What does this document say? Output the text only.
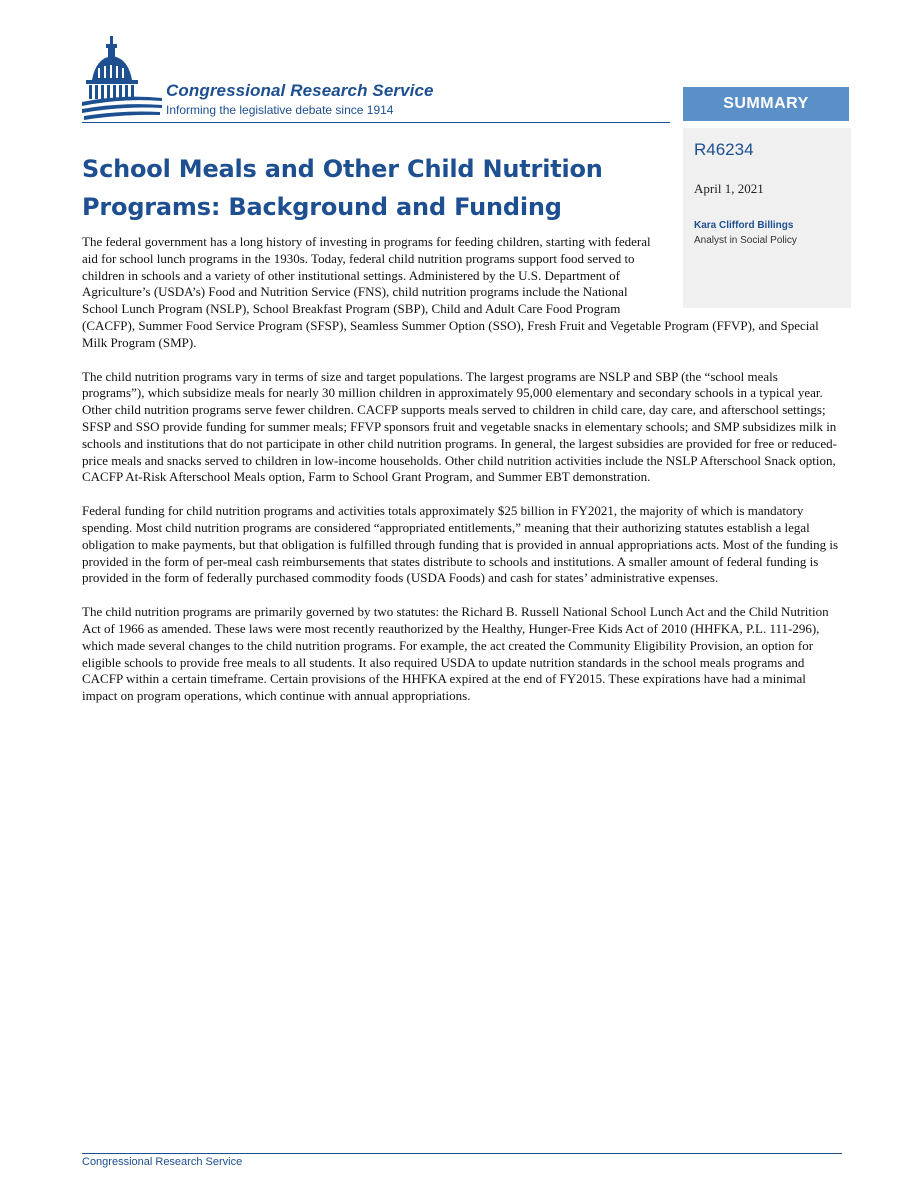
Congressional Research Service
Informing the legislative debate since 1914	SUMMARY
R46234
April 1, 2021
Kara Clifford Billings
Analyst in Social Policy
School Meals and Other Child Nutrition Programs: Background and Funding

The federal government has a long history of investing in programs for feeding children, starting with federal aid for school lunch programs in the 1930s. Today, federal child nutrition programs support food served to children in schools and a variety of other institutional settings. Administered by the U.S. Department of Agriculture’s (USDA’s) Food and Nutrition Service (FNS), child nutrition programs include the National School Lunch Program (NSLP), School Breakfast Program (SBP), Child and Adult Care Food Program (CACFP), Summer Food Service Program (SFSP), Seamless Summer Option (SSO), Fresh Fruit and Vegetable Program (FFVP), and Special Milk Program (SMP).

The child nutrition programs vary in terms of size and target populations. The largest programs are NSLP and SBP (the “school meals programs”), which subsidize meals for nearly 30 million children in approximately 95,000 elementary and secondary schools in a typical year. Other child nutrition programs serve fewer children. CACFP supports meals served to children in child care, day care, and afterschool settings; SFSP and SSO provide funding for summer meals; FFVP sponsors fruit and vegetable snacks in elementary schools; and SMP subsidizes milk in schools and institutions that do not participate in other child nutrition programs. In general, the largest subsidies are provided for free or reduced-price meals and snacks served to children in low-income households. Other child nutrition activities include the NSLP Afterschool Snack option, CACFP At-Risk Afterschool Meals option, Farm to School Grant Program, and Summer EBT demonstration.

Federal funding for child nutrition programs and activities totals approximately $25 billion in FY2021, the majority of which is mandatory spending. Most child nutrition programs are considered “appropriated entitlements,” meaning that their authorizing statutes establish a legal obligation to make payments, but that obligation is fulfilled through funding that is provided in annual appropriations acts. Most of the funding is provided in the form of per-meal cash reimbursements that states distribute to schools and institutions. A smaller amount of federal funding is provided in the form of federally purchased commodity foods (USDA Foods) and cash for states’ administrative expenses.

The child nutrition programs are primarily governed by two statutes: the Richard B. Russell National School Lunch Act and the Child Nutrition Act of 1966 as amended. These laws were most recently reauthorized by the Healthy, Hunger-Free Kids Act of 2010 (HHFKA, P.L. 111-296), which made several changes to the child nutrition programs. For example, the act created the Community Eligibility Provision, an option for eligible schools to provide free meals to all students. It also required USDA to update nutrition standards in the school meals programs and CACFP within a certain timeframe. Certain provisions of the HHFKA expired at the end of FY2015. These expirations have had a minimal impact on program operations, which continue with annual appropriations.

Congressional Research Service
